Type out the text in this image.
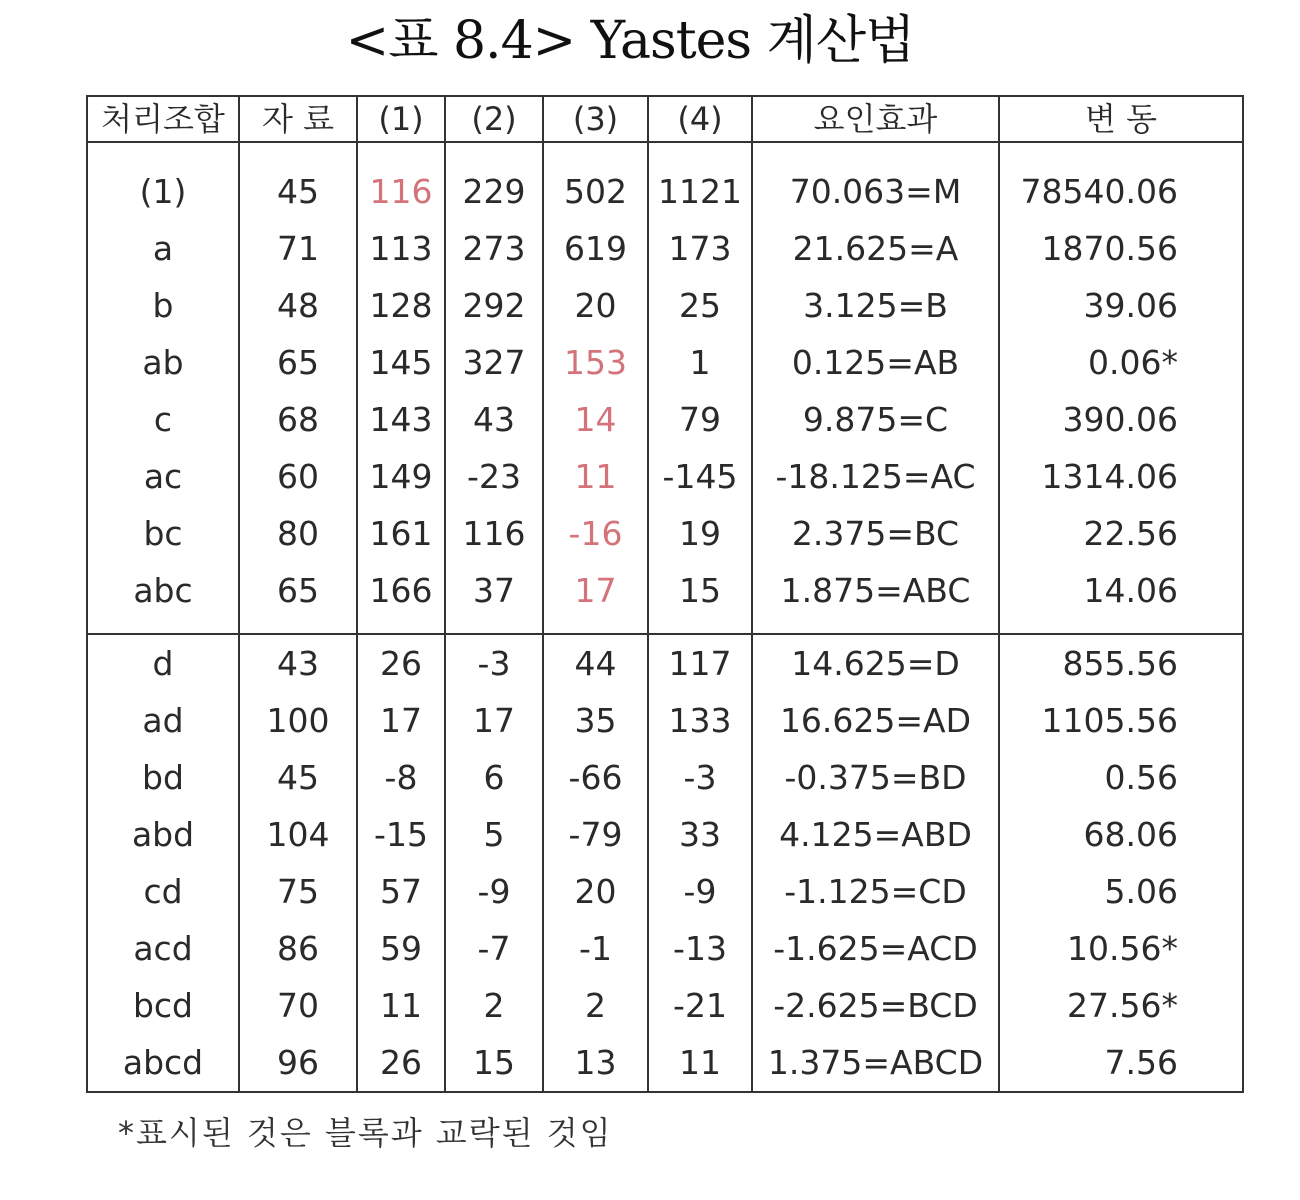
<표 8.4> Yastes 계산법
처리조합	자 료	(1)	(2)	(3)	(4)	요인효과	변 동

(1)	45	116	229	502	1121	70.063=M	78540.06
a	71	113	273	619	173	21.625=A	1870.56
b	48	128	292	20	25	3.125=B	39.06
ab	65	145	327	153	1	0.125=AB	0.06*
c	68	143	43	14	79	9.875=C	390.06
ac	60	149	-23	11	-145	-18.125=AC	1314.06
bc	80	161	116	-16	19	2.375=BC	22.56
abc	65	166	37	17	15	1.875=ABC	14.06

d	43	26	-3	44	117	14.625=D	855.56
ad	100	17	17	35	133	16.625=AD	1105.56
bd	45	-8	6	-66	-3	-0.375=BD	0.56
abd	104	-15	5	-79	33	4.125=ABD	68.06
cd	75	57	-9	20	-9	-1.125=CD	5.06
acd	86	59	-7	-1	-13	-1.625=ACD	10.56*
bcd	70	11	2	2	-21	-2.625=BCD	27.56*
abcd	96	26	15	13	11	1.375=ABCD	7.56
*표시된 것은 블록과 교락된 것임
